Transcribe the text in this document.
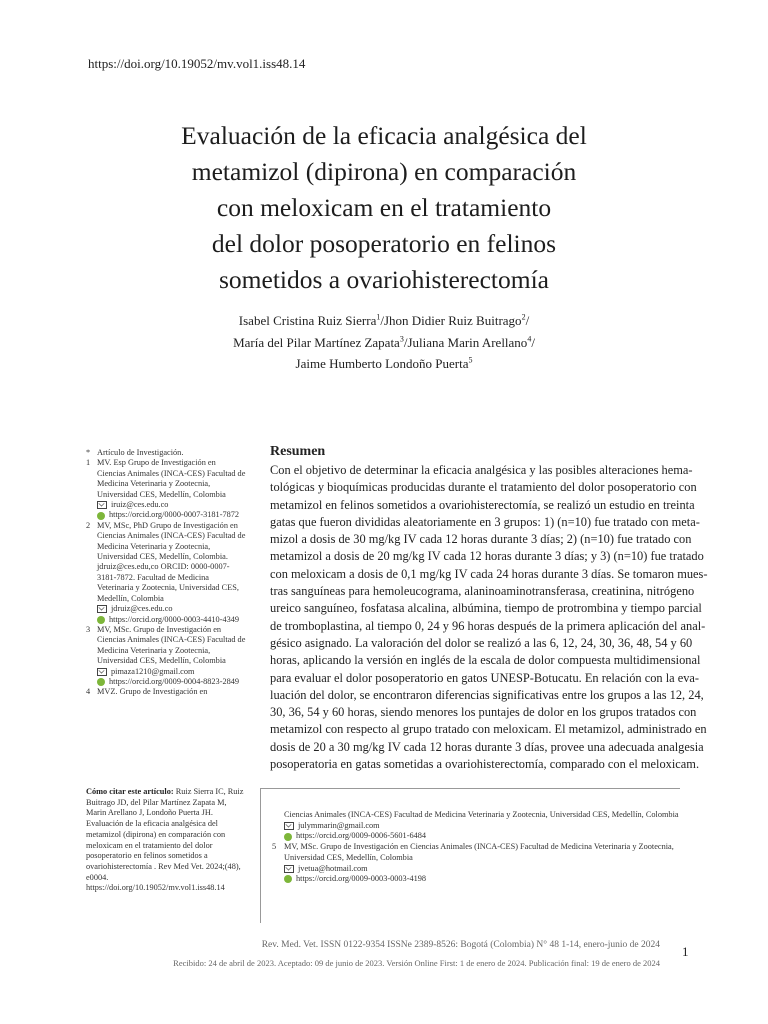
https://doi.org/10.19052/mv.vol1.iss48.14
Evaluación de la eficacia analgésica del
metamizol (dipirona) en comparación
con meloxicam en el tratamiento
del dolor posoperatorio en felinos
sometidos a ovariohisterectomía
Isabel Cristina Ruiz Sierra$^1$/Jhon Didier Ruiz Buitrago$^2$/
María del Pilar Martínez Zapata$^3$/Juliana Marin Arellano$^4$/
Jaime Humberto Londoño Puerta$^5$
* Artículo de Investigación.
1 MV. Esp Grupo de Investigación en Ciencias Animales (INCA-CES) Facultad de Medicina Veterinaria y Zootecnia, Universidad CES, Medellín, Colombia
iruiz@ces.edu.co
https://orcid.org/0000-0007-3181-7872
2 MV, MSc, PhD Grupo de Investigación en Ciencias Animales (INCA-CES) Facultad de Medicina Veterinaria y Zootecnia, Universidad CES, Medellín, Colombia. jdruiz@ces.edu,co ORCID: 0000-0007-3181-7872. Facultad de Medicina Veterinaria y Zootecnia, Universidad CES, Medellín, Colombia
jdruiz@ces.edu.co
https://orcid.org/0000-0003-4410-4349
3 MV, MSc. Grupo de Investigación en Ciencias Animales (INCA-CES) Facultad de Medicina Veterinaria y Zootecnia, Universidad CES, Medellín, Colombia
pimaza1210@gmail.com
https://orcid.org/0009-0004-8823-2849
4 MVZ. Grupo de Investigación en
Resumen
Con el objetivo de determinar la eficacia analgésica y las posibles alteraciones hema-
tológicas y bioquímicas producidas durante el tratamiento del dolor posoperatorio con
metamizol en felinos sometidos a ovariohisterectomía, se realizó un estudio en treinta
gatas que fueron divididas aleatoriamente en 3 grupos: 1) (n=10) fue tratado con meta-
mizol a dosis de 30 mg/kg IV cada 12 horas durante 3 días; 2) (n=10) fue tratado con
metamizol a dosis de 20 mg/kg IV cada 12 horas durante 3 días; y 3) (n=10) fue tratado
con meloxicam a dosis de 0,1 mg/kg IV cada 24 horas durante 3 días. Se tomaron mues-
tras sanguíneas para hemoleucograma, alaninoaminotransferasa, creatinina, nitrógeno
ureico sanguíneo, fosfatasa alcalina, albúmina, tiempo de protrombina y tiempo parcial
de tromboplastina, al tiempo 0, 24 y 96 horas después de la primera aplicación del anal-
gésico asignado. La valoración del dolor se realizó a las 6, 12, 24, 30, 36, 48, 54 y 60
horas, aplicando la versión en inglés de la escala de dolor compuesta multidimensional
para evaluar el dolor posoperatorio en gatos UNESP-Botucatu. En relación con la eva-
luación del dolor, se encontraron diferencias significativas entre los grupos a las 12, 24,
30, 36, 54 y 60 horas, siendo menores los puntajes de dolor en los grupos tratados con
metamizol con respecto al grupo tratado con meloxicam. El metamizol, administrado en
dosis de 20 a 30 mg/kg IV cada 12 horas durante 3 días, provee una adecuada analgesia
posoperatoria en gatas sometidas a ovariohisterectomía, comparado con el meloxicam.
Cómo citar este artículo: Ruiz Sierra IC, Ruiz Buitrago JD, del Pilar Martínez Zapata M, Marin Arellano J, Londoño Puerta JH. Evaluación de la eficacia analgésica del metamizol (dipirona) en comparación con meloxicam en el tratamiento del dolor posoperatorio en felinos sometidos a ovariohisterectomía . Rev Med Vet. 2024;(48), e0004. https://doi.org/10.19052/mv.vol1.iss48.14
Ciencias Animales (INCA-CES) Facultad de Medicina Veterinaria y Zootecnia, Universidad CES, Medellín, Colombia
julymmarin@gmail.com
https://orcid.org/0009-0006-5601-6484
5 MV, MSc. Grupo de Investigación en Ciencias Animales (INCA-CES) Facultad de Medicina Veterinaria y Zootecnia, Universidad CES, Medellín, Colombia
jvetua@hotmail.com
https://orcid.org/0009-0003-0003-4198
Rev. Med. Vet. ISSN 0122-9354 ISSNe 2389-8526: Bogotá (Colombia) N° 48 1-14, enero-junio de 2024 1
Recibido: 24 de abril de 2023. Aceptado: 09 de junio de 2023. Versión Online First: 1 de enero de 2024. Publicación final: 19 de enero de 2024
